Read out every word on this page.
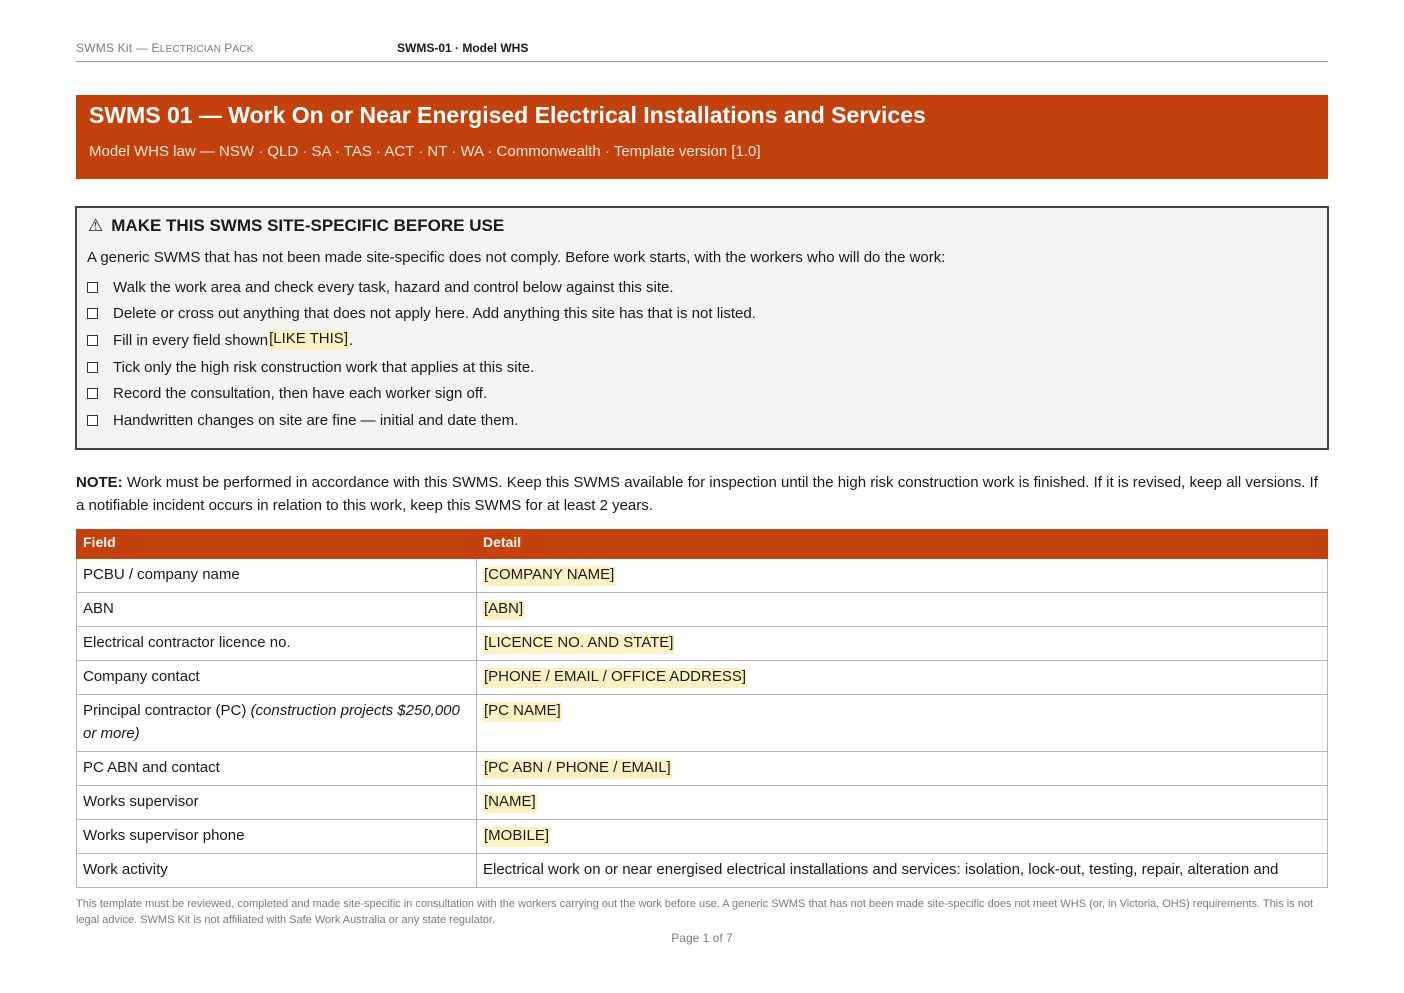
SWMS Kit — ELECTRICIAN PACK	SWMS-01 · Model WHS
SWMS 01 — Work On or Near Energised Electrical Installations and Services
Model WHS law — NSW · QLD · SA · TAS · ACT · NT · WA · Commonwealth · Template version [1.0]
⚠ MAKE THIS SWMS SITE-SPECIFIC BEFORE USE
A generic SWMS that has not been made site-specific does not comply. Before work starts, with the workers who will do the work:
Walk the work area and check every task, hazard and control below against this site.
Delete or cross out anything that does not apply here. Add anything this site has that is not listed.
Fill in every field shown [LIKE THIS] .
Tick only the high risk construction work that applies at this site.
Record the consultation, then have each worker sign off.
Handwritten changes on site are fine — initial and date them.
NOTE: Work must be performed in accordance with this SWMS. Keep this SWMS available for inspection until the high risk construction work is finished. If it is revised, keep all versions. If a notifiable incident occurs in relation to this work, keep this SWMS for at least 2 years.
Field	Detail
PCBU / company name	[COMPANY NAME]
ABN	[ABN]
Electrical contractor licence no.	[LICENCE NO. AND STATE]
Company contact	[PHONE / EMAIL / OFFICE ADDRESS]
Principal contractor (PC) (construction projects $250,000 or more)	[PC NAME]
PC ABN and contact	[PC ABN / PHONE / EMAIL]
Works supervisor	[NAME]
Works supervisor phone	[MOBILE]
Work activity	Electrical work on or near energised electrical installations and services: isolation, lock-out, testing, repair, alteration and
This template must be reviewed, completed and made site-specific in consultation with the workers carrying out the work before use. A generic SWMS that has not been made site-specific does not meet WHS (or, in Victoria, OHS) requirements. This is not legal advice. SWMS Kit is not affiliated with Safe Work Australia or any state regulator.
Page 1 of 7
